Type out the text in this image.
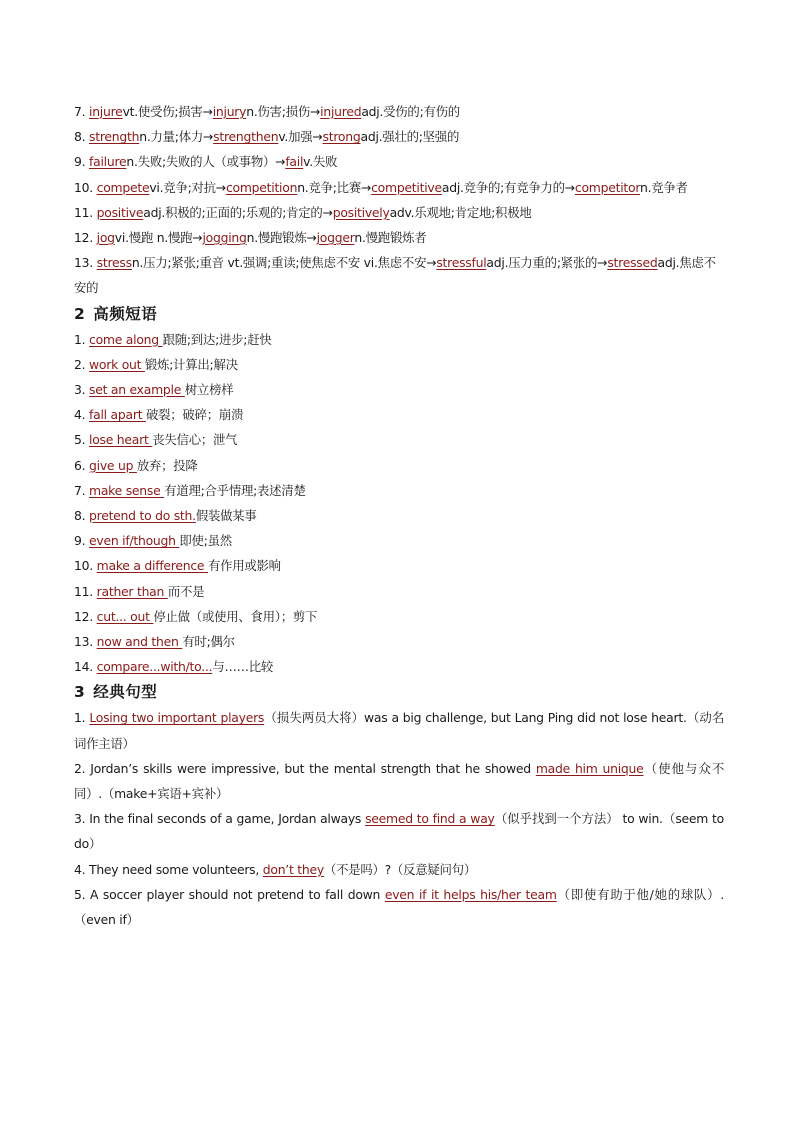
7. injurevt.使受伤;损害→injuryn.伤害;损伤→injuredadj.受伤的;有伤的
8. strengthn.力量;体力→strengthenv.加强→strongadj.强壮的;坚强的
9. failuren.失败;失败的人（或事物）→failv.失败
10. competevi.竞争;对抗→competitionn.竞争;比赛→competitiveadj.竞争的;有竞争力的→competitorn.竞争者
11. positiveadj.积极的;正面的;乐观的;肯定的→positivelyadv.乐观地;肯定地;积极地
12. jogvi.慢跑 n.慢跑→joggingn.慢跑锻炼→joggern.慢跑锻炼者
13. stressn.压力;紧张;重音 vt.强调;重读;使焦虑不安 vi.焦虑不安→stressfuladj.压力重的;紧张的→stressedadj.焦虑不安的
2 高频短语
1. come along 跟随;到达;进步;赶快
2. work out 锻炼;计算出;解决
3. set an example 树立榜样
4. fall apart 破裂；破碎；崩溃
5. lose heart 丧失信心；泄气
6. give up 放弃；投降
7. make sense 有道理;合乎情理;表述清楚
8. pretend to do sth.假装做某事
9. even if/though 即使;虽然
10. make a difference 有作用或影响
11. rather than 而不是
12. cut... out 停止做（或使用、食用）；剪下
13. now and then 有时;偶尔
14. compare...with/to...与……比较
3 经典句型
1. Losing two important players（损失两员大将）was a big challenge, but Lang Ping did not lose heart.（动名词作主语）
2. Jordan’s skills were impressive, but the mental strength that he showed made him unique（使他与众不同）.（make+宾语+宾补）
3. In the final seconds of a game, Jordan always seemed to find a way（似乎找到一个方法） to win.（seem to do）
4. They need some volunteers, don’t they（不是吗）?（反意疑问句）
5. A soccer player should not pretend to fall down even if it helps his/her team（即使有助于他/她的球队）.（even if）
